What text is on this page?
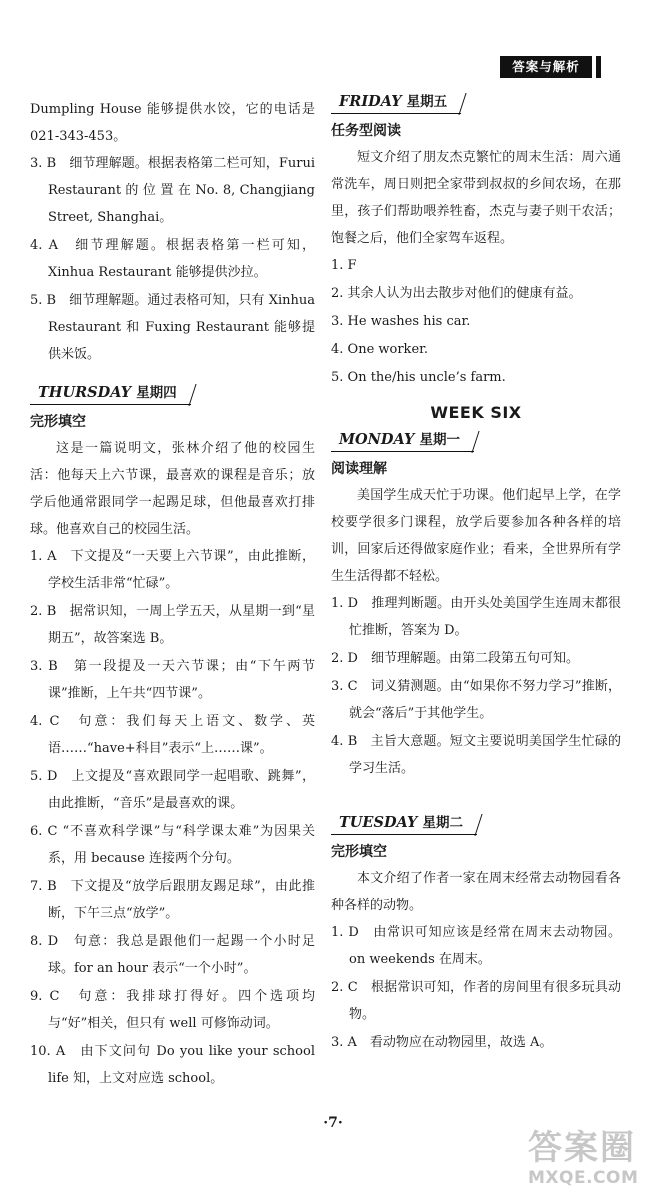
答案与解析

Dumpling House 能够提供水饺，它的电话是 021-343-453。

3. B　细节理解题。根据表格第二栏可知，Furui Restaurant 的 位 置 在 No. 8, Changjiang Street, Shanghai。

4. A　细节理解题。根据表格第一栏可知，Xinhua Restaurant 能够提供沙拉。

5. B　细节理解题。通过表格可知，只有 Xinhua Restaurant 和 Fuxing Restaurant 能够提供米饭。

THURSDAY 星期四
完形填空

这是一篇说明文，张林介绍了他的校园生活：他每天上六节课，最喜欢的课程是音乐；放学后他通常跟同学一起踢足球，但他最喜欢打排球。他喜欢自己的校园生活。

1. A　下文提及“一天要上六节课”，由此推断，学校生活非常“忙碌”。

2. B　据常识知，一周上学五天，从星期一到“星期五”，故答案选 B。

3. B　第一段提及一天六节课；由“下午两节课”推断，上午共“四节课”。

4. C　句意：我们每天上语文、数学、英语……“have+科目”表示“上……课”。

5. D　上文提及“喜欢跟同学一起唱歌、跳舞”，由此推断，“音乐”是最喜欢的课。

6. C “不喜欢科学课”与“科学课太难”为因果关系，用 because 连接两个分句。

7. B　下文提及“放学后跟朋友踢足球”，由此推断，下午三点“放学”。

8. D　句意：我总是跟他们一起踢一个小时足球。for an hour 表示“一个小时”。

9. C　句意：我排球打得好。四个选项均与“好”相关，但只有 well 可修饰动词。

10. A　由下文问句 Do you like your school life 知，上文对应选 school。

FRIDAY 星期五
任务型阅读

短文介绍了朋友杰克繁忙的周末生活：周六通常洗车，周日则把全家带到叔叔的乡间农场，在那里，孩子们帮助喂养牲畜，杰克与妻子则干农活；饱餐之后，他们全家驾车返程。

1. F

2. 其余人认为出去散步对他们的健康有益。

3. He washes his car.

4. One worker.

5. On the/his uncle’s farm.

WEEK SIX
MONDAY 星期一
阅读理解

美国学生成天忙于功课。他们起早上学，在学校要学很多门课程，放学后要参加各种各样的培训，回家后还得做家庭作业；看来，全世界所有学生生活得都不轻松。

1. D　推理判断题。由开头处美国学生连周末都很忙推断，答案为 D。

2. D　细节理解题。由第二段第五句可知。

3. C　词义猜测题。由“如果你不努力学习”推断，就会“落后”于其他学生。

4. B　主旨大意题。短文主要说明美国学生忙碌的学习生活。

TUESDAY 星期二
完形填空

本文介绍了作者一家在周末经常去动物园看各种各样的动物。

1. D　由常识可知应该是经常在周末去动物园。on weekends 在周末。

2. C　根据常识可知，作者的房间里有很多玩具动物。

3. A　看动物应在动物园里，故选 A。

·7·
答案圈
MXQE.COM
